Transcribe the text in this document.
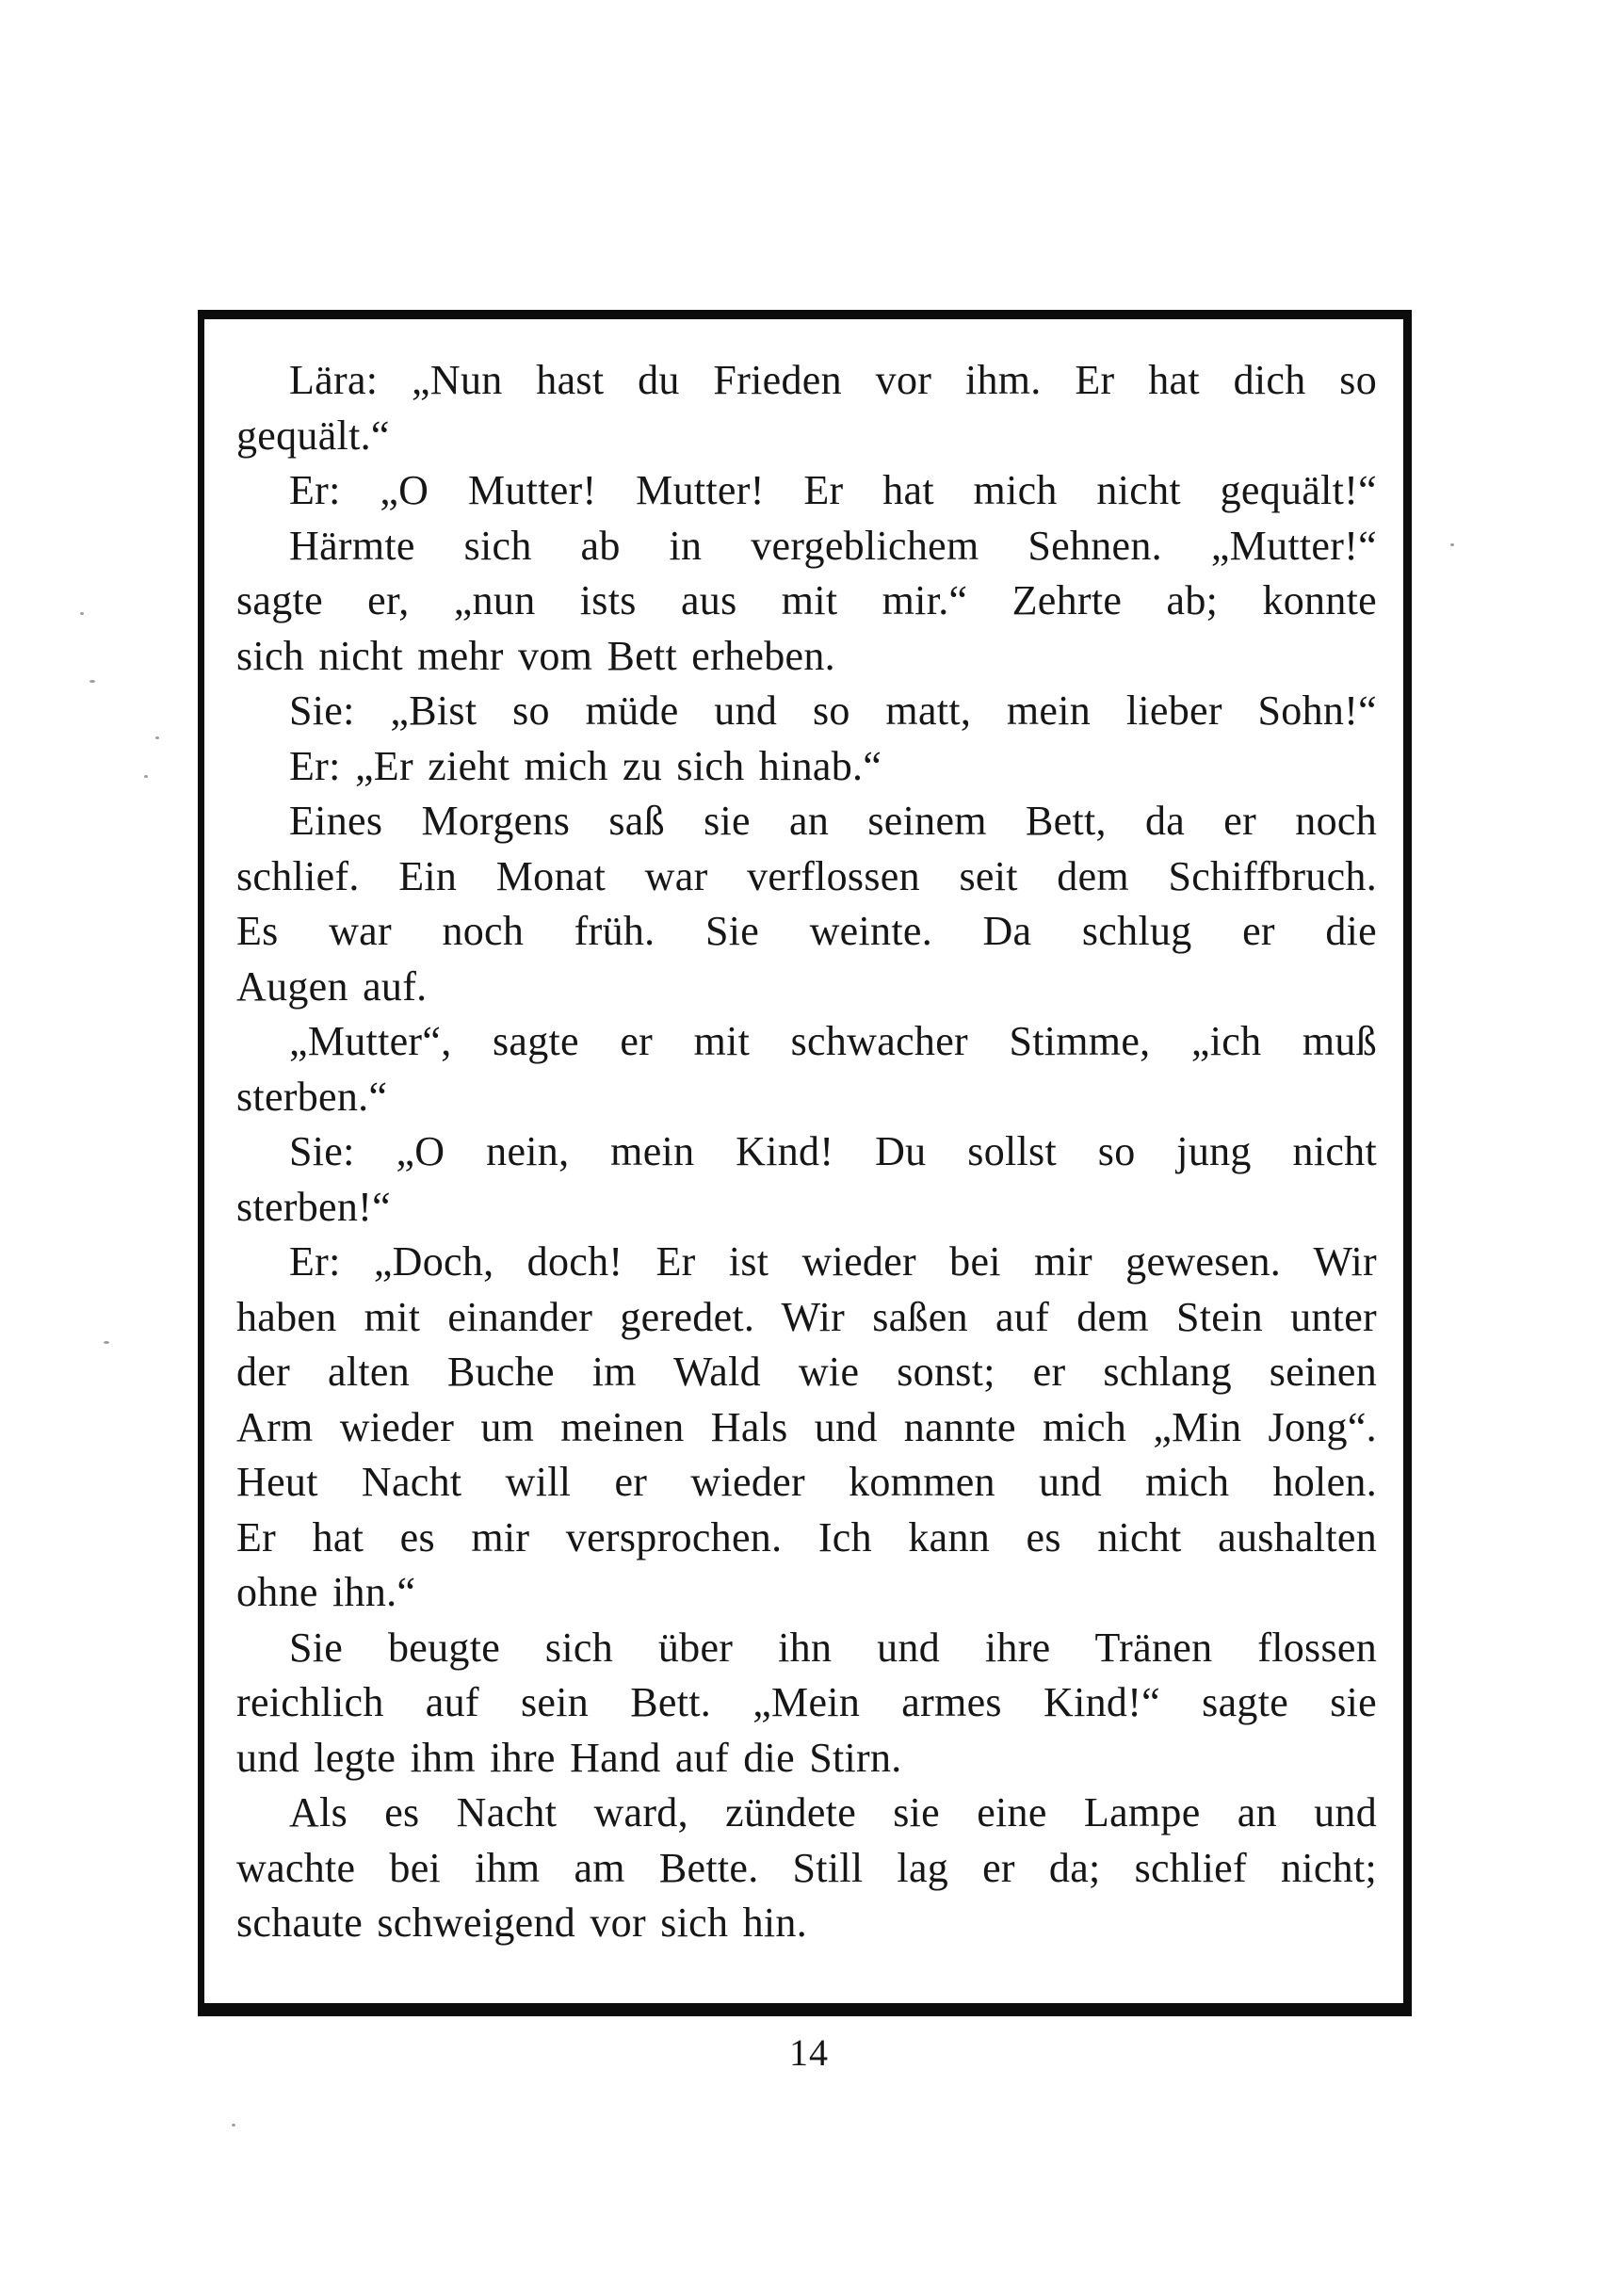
Lära: „Nun hast du Frieden vor ihm. Er hat dich so
gequält.“
Er: „O Mutter! Mutter! Er hat mich nicht gequält!“
Härmte sich ab in vergeblichem Sehnen. „Mutter!“
sagte er, „nun ists aus mit mir.“ Zehrte ab; konnte
sich nicht mehr vom Bett erheben.
Sie: „Bist so müde und so matt, mein lieber Sohn!“
Er: „Er zieht mich zu sich hinab.“
Eines Morgens saß sie an seinem Bett, da er noch
schlief. Ein Monat war verflossen seit dem Schiffbruch.
Es war noch früh. Sie weinte. Da schlug er die
Augen auf.
„Mutter“, sagte er mit schwacher Stimme, „ich muß
sterben.“
Sie: „O nein, mein Kind! Du sollst so jung nicht
sterben!“
Er: „Doch, doch! Er ist wieder bei mir gewesen. Wir
haben mit einander geredet. Wir saßen auf dem Stein unter
der alten Buche im Wald wie sonst; er schlang seinen
Arm wieder um meinen Hals und nannte mich „Min Jong“.
Heut Nacht will er wieder kommen und mich holen.
Er hat es mir versprochen. Ich kann es nicht aushalten
ohne ihn.“
Sie beugte sich über ihn und ihre Tränen flossen
reichlich auf sein Bett. „Mein armes Kind!“ sagte sie
und legte ihm ihre Hand auf die Stirn.
Als es Nacht ward, zündete sie eine Lampe an und
wachte bei ihm am Bette. Still lag er da; schlief nicht;
schaute schweigend vor sich hin.
14
